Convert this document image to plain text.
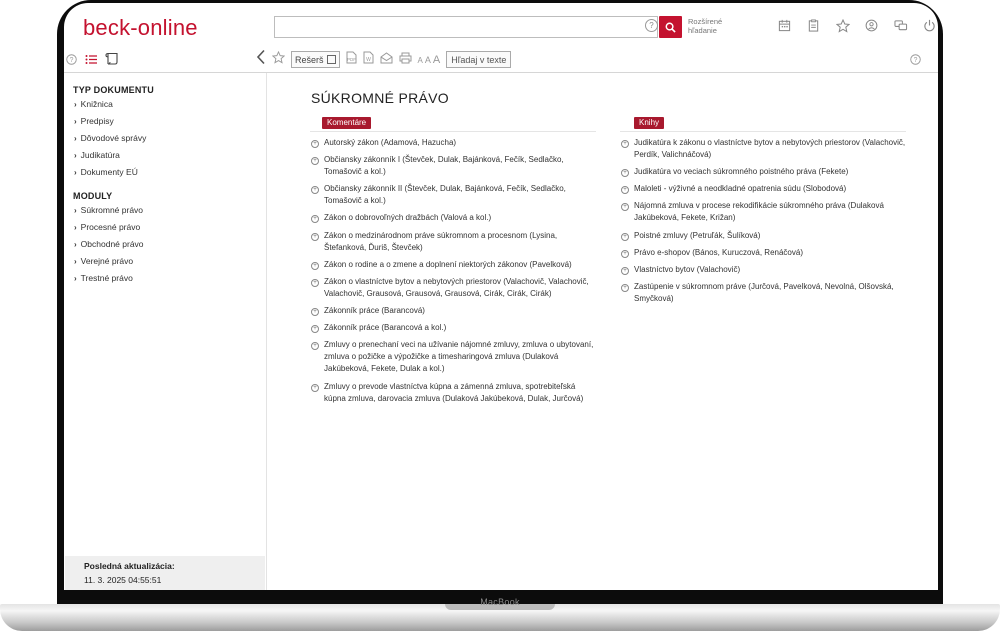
MacBook
beck-online	?	Rozšírené
hľadanie
?	Rešerš	PDF W	A A A	Hľadaj v texte	?
TYP DOKUMENTU
› Knižnica
› Predpisy
› Dôvodové správy
› Judikatúra
› Dokumenty EÚ
MODULY
› Súkromné právo
› Procesné právo
› Obchodné právo
› Verejné právo
› Trestné právo
Posledná aktualizácia:
11. 3. 2025 04:55:51
SÚKROMNÉ PRÁVO
Komentáre
+ Autorský zákon (Adamová, Hazucha)
+ Občiansky zákonník I (Števček, Dulak, Bajánková, Fečík, Sedlačko, Tomašovič a kol.)
+ Občiansky zákonník II (Števček, Dulak, Bajánková, Fečík, Sedlačko, Tomašovič a kol.)
+ Zákon o dobrovoľných dražbách (Valová a kol.)
+ Zákon o medzinárodnom práve súkromnom a procesnom (Lysina, Štefanková, Ďuriš, Števček)
+ Zákon o rodine a o zmene a doplnení niektorých zákonov (Pavelková)
+ Zákon o vlastníctve bytov a nebytových priestorov (Valachovič, Valachovič, Valachovič, Grausová, Grausová, Grausová, Cirák, Cirák, Cirák)
+ Zákonník práce (Barancová)
+ Zákonník práce (Barancová a kol.)
+ Zmluvy o prenechaní veci na užívanie nájomné zmluvy, zmluva o ubytovaní, zmluva o požičke a výpožičke a timesharingová zmluva (Dulaková Jakúbeková, Fekete, Dulak a kol.)
+ Zmluvy o prevode vlastníctva kúpna a zámenná zmluva, spotrebiteľská kúpna zmluva, darovacia zmluva (Dulaková Jakúbeková, Dulak, Jurčová)
Knihy
+ Judikatúra k zákonu o vlastníctve bytov a nebytových priestorov (Valachovič, Perdík, Valichnáčová)
+ Judikatúra vo veciach súkromného poistného práva (Fekete)
+ Maloleti - výživné a neodkladné opatrenia súdu (Slobodová)
+ Nájomná zmluva v procese rekodifikácie súkromného práva (Dulaková Jakúbeková, Fekete, Križan)
+ Poistné zmluvy (Petruľák, Šulíková)
+ Právo e-shopov (Bános, Kuruczová, Renáčová)
+ Vlastníctvo bytov (Valachovič)
+ Zastúpenie v súkromnom práve (Jurčová, Pavelková, Nevolná, Olšovská, Smyčková)
